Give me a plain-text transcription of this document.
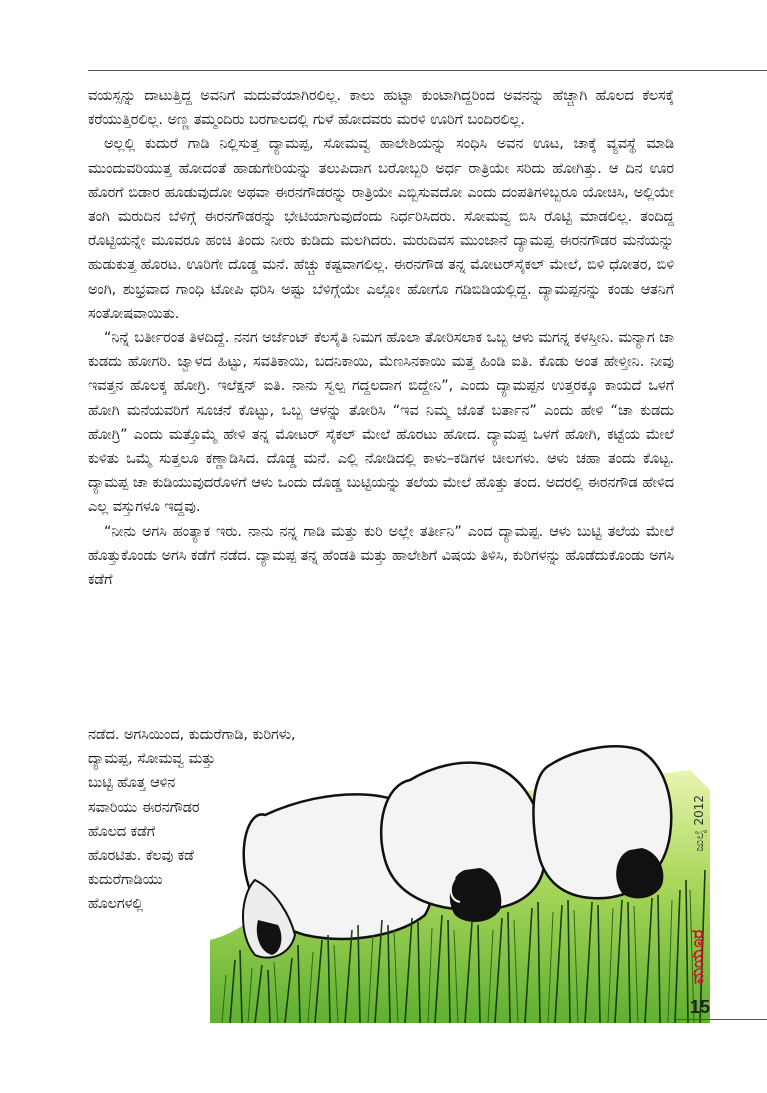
ವಯಸ್ಸನ್ನು ದಾಟುತ್ತಿದ್ದ ಅವನಿಗೆ ಮದುವೆಯಾಗಿರಲಿಲ್ಲ. ಕಾಲು ಹುಟ್ಟಾ ಕುಂಟಾಗಿದ್ದರಿಂದ ಅವನನ್ನು ಹೆಚ್ಚಾಗಿ ಹೊಲದ ಕೆಲಸಕ್ಕೆ ಕರೆಯುತ್ತಿರಲಿಲ್ಲ. ಅಣ್ಣ ತಮ್ಮಂದಿರು ಬರಗಾಲದಲ್ಲಿ ಗುಳೆ ಹೋದವರು ಮರಳಿ ಊರಿಗೆ ಬಂದಿರಲಿಲ್ಲ.

ಅಲ್ಲಲ್ಲಿ ಕುದುರೆ ಗಾಡಿ ನಿಲ್ಲಿಸುತ್ತ ದ್ಯಾಮಪ್ಪ, ಸೋಮವ್ವ ಹಾಲೇಶಿಯನ್ನು ಸಂಧಿಸಿ ಅವನ ಊಟ, ಚಾಕ್ಕೆ ವ್ಯವಸ್ಥೆ ಮಾಡಿ ಮುಂದುವರಿಯುತ್ತ ಹೋದಂತೆ ಹಾಡುಗೇರಿಯನ್ನು ತಲುಪಿದಾಗ ಬರೋಬ್ಬರಿ ಅರ್ಧ ರಾತ್ರಿಯೇ ಸರಿದು ಹೋಗಿತ್ತು. ಆ ದಿನ ಊರ ಹೊರಗೆ ಬಿಡಾರ ಹೂಡುವುದೋ ಅಥವಾ ಈರನಗೌಡರನ್ನು ರಾತ್ರಿಯೇ ಎಬ್ಬಿಸುವದೋ ಎಂದು ದಂಪತಿಗಳಿಬ್ಬರೂ ಯೋಚಿಸಿ, ಅಲ್ಲಿಯೇ ತಂಗಿ ಮರುದಿನ ಬೆಳಿಗ್ಗೆ ಈರನಗೌಡರನ್ನು ಭೇಟಿಯಾಗುವುದೆಂದು ನಿರ್ಧರಿಸಿದರು. ಸೋಮವ್ವ ಬಿಸಿ ರೊಟ್ಟಿ ಮಾಡಲಿಲ್ಲ. ತಂದಿದ್ದ ರೊಟ್ಟಿಯನ್ನೇ ಮೂವರೂ ಹಂಚಿ ತಿಂದು ನೀರು ಕುಡಿದು ಮಲಗಿದರು. ಮರುದಿವಸ ಮುಂಜಾನೆ ದ್ಯಾಮಪ್ಪ ಈರನಗೌಡರ ಮನೆಯನ್ನು ಹುಡುಕುತ್ತ ಹೊರಟ. ಊರಿಗೇ ದೊಡ್ಡ ಮನೆ. ಹೆಚ್ಚು ಕಷ್ಟವಾಗಲಿಲ್ಲ. ಈರನಗೌಡ ತನ್ನ ಮೋಟರ್‌ಸೈಕಲ್ ಮೇಲೆ, ಬಿಳಿ ಧೋತರ, ಬಿಳಿ ಅಂಗಿ, ಶುಭ್ರವಾದ ಗಾಂಧಿ ಟೋಪಿ ಧರಿಸಿ ಅಷ್ಟು ಬೆಳಿಗ್ಗೆಯೇ ಎಲ್ಲೋ ಹೋಗೊ ಗಡಿಬಿಡಿಯಲ್ಲಿದ್ದ. ದ್ಯಾಮಪ್ಪನನ್ನು ಕಂಡು ಆತನಿಗೆ ಸಂತೋಷವಾಯಿತು.

“ನಿನ್ನೆ ಬರ್ತೀರಂತ ತಿಳದಿದ್ದೆ. ನನಗ ಅರ್ಜೆಂಟ್ ಕೆಲಸೈತಿ ನಿಮಗ ಹೊಲಾ ತೋರಿಸಲಾಕ ಒಬ್ಬ ಆಳು ಮಗನ್ನ ಕಳಸ್ತೀನಿ. ಮನ್ಯಾಗ ಚಾ ಕುಡದು ಹೋಗರಿ. ಜ್ವಾಳದ ಹಿಟ್ಟು, ಸವತಿಕಾಯಿ, ಬದನಿಕಾಯಿ, ಮೆಣಸಿನಕಾಯಿ ಮತ್ತ ಹಿಂಡಿ ಐತಿ. ಕೊಡು ಅಂತ ಹೇಳ್ತೀನಿ. ನೀವು ಇವತ್ತನ ಹೊಲಕ್ಕ ಹೋಗ್ರಿ. ಇಲೆಕ್ಷನ್ ಐತಿ. ನಾನು ಸ್ವಲ್ಪ ಗದ್ದಲದಾಗ ಬಿದ್ದೇನಿ”, ಎಂದು ದ್ಯಾಮಪ್ಪನ ಉತ್ತರಕ್ಕೂ ಕಾಯದೆ ಒಳಗೆ ಹೋಗಿ ಮನೆಯವರಿಗೆ ಸೂಚನೆ ಕೊಟ್ಟು, ಒಬ್ಬ ಆಳನ್ನು ತೋರಿಸಿ “ಇವ ನಿಮ್ಮ ಜೊತೆ ಬರ್ತಾನ” ಎಂದು ಹೇಳಿ “ಚಾ ಕುಡದು ಹೋಗ್ರಿ” ಎಂದು ಮತ್ತೊಮ್ಮೆ ಹೇಳಿ ತನ್ನ ಮೋಟರ್ ಸೈಕಲ್ ಮೇಲೆ ಹೊರಟು ಹೋದ. ದ್ಯಾಮಪ್ಪ ಒಳಗೆ ಹೋಗಿ, ಕಟ್ಟೆಯ ಮೇಲೆ ಕುಳಿತು ಒಮ್ಮೆ ಸುತ್ತಲೂ ಕಣ್ಣಾಡಿಸಿದ. ದೊಡ್ಡ ಮನೆ. ಎಲ್ಲಿ ನೋಡಿದಲ್ಲಿ ಕಾಳು–ಕಡಿಗಳ ಚೀಲಗಳು. ಆಳು ಚಹಾ ತಂದು ಕೊಟ್ಟ. ದ್ಯಾಮಪ್ಪ ಚಾ ಕುಡಿಯುವುದರೊಳಗೆ ಆಳು ಒಂದು ದೊಡ್ಡ ಬುಟ್ಟಿಯನ್ನು ತಲೆಯ ಮೇಲೆ ಹೊತ್ತು ತಂದ. ಅದರಲ್ಲಿ ಈರನಗೌಡ ಹೇಳಿದ ಎಲ್ಲ ವಸ್ತುಗಳೂ ಇದ್ದವು.

“ನೀನು ಅಗಸಿ ಹಂತ್ಯಾಕ ಇರು. ನಾನು ನನ್ನ ಗಾಡಿ ಮತ್ತು ಕುರಿ ಅಲ್ಲೇ ತರ್ತೀನಿ” ಎಂದ ದ್ಯಾಮಪ್ಪ. ಆಳು ಬುಟ್ಟಿ ತಲೆಯ ಮೇಲೆ ಹೊತ್ತುಕೊಂಡು ಅಗಸಿ ಕಡೆಗೆ ನಡೆದ. ದ್ಯಾಮಪ್ಪ ತನ್ನ ಹೆಂಡತಿ ಮತ್ತು ಹಾಲೇಶಿಗೆ ವಿಷಯ ತಿಳಿಸಿ, ಕುರಿಗಳನ್ನು ಹೊಡೆದುಕೊಂಡು ಅಗಸಿ ಕಡೆಗೆ

ನಡೆದ. ಅಗಸಿಯಿಂದ, ಕುದುರೆಗಾಡಿ, ಕುರಿಗಳು,
ದ್ಯಾಮಪ್ಪ, ಸೋಮವ್ವ ಮತ್ತು
ಬುಟ್ಟಿ ಹೊತ್ತ ಆಳಿನ
ಸವಾರಿಯು ಈರನಗೌಡರ
ಹೊಲದ ಕಡೆಗೆ
ಹೊರಟಿತು. ಕೆಲವು ಕಡೆ
ಕುದುರೆಗಾಡಿಯು
ಹೊಲಗಳಲ್ಲಿ
ಜುಲೈ 2012
ಮಯೂರ
15
